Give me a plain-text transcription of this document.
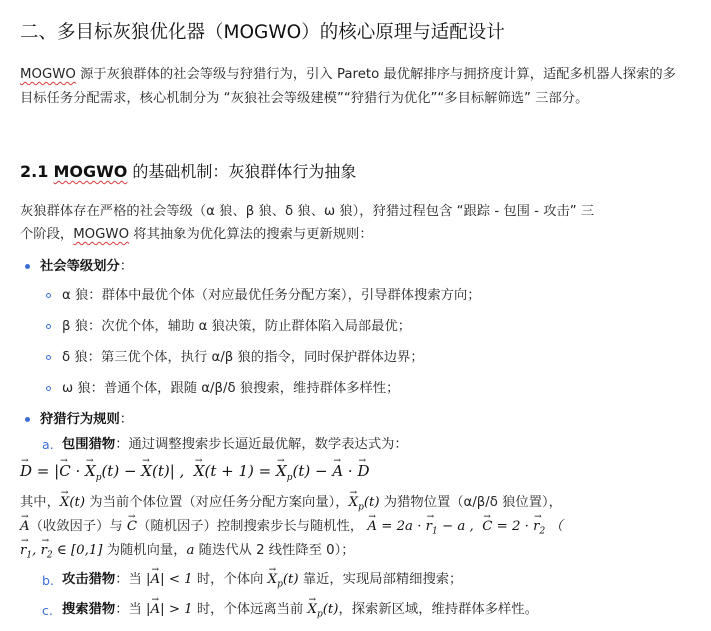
二、多目标灰狼优化器（MOGWO）的核心原理与适配设计
MOGWO 源于灰狼群体的社会等级与狩猎行为，引入 Pareto 最优解排序与拥挤度计算，适配多机器人探索的多目标任务分配需求，核心机制分为 “灰狼社会等级建模”“狩猎行为优化”“多目标解筛选” 三部分。
2.1 MOGWO 的基础机制：灰狼群体行为抽象
灰狼群体存在严格的社会等级（α 狼、β 狼、δ 狼、ω 狼），狩猎过程包含 “跟踪 - 包围 - 攻击” 三
个阶段，MOGWO 将其抽象为优化算法的搜索与更新规则：
社会等级划分：
α 狼：群体中最优个体（对应最优任务分配方案），引导群体搜索方向；
β 狼：次优个体，辅助 α 狼决策，防止群体陷入局部最优；
δ 狼：第三优个体，执行 α/β 狼的指令，同时保护群体边界；
ω 狼：普通个体，跟随 α/β/δ 狼搜索，维持群体多样性；
狩猎行为规则：
a. 包围猎物：通过调整搜索步长逼近最优解，数学表达式为：
→ D = |→ C · → $X_p(t)$ − → X(t)| ,  → X(t + 1) = → $X_p(t)$ − → A · → D
其中，→ X(t) 为当前个体位置（对应任务分配方案向量），→ $X_p(t)$ 为猎物位置（α/β/δ 狼位置），
→ A（收敛因子）与 → C（随机因子）控制搜索步长与随机性， → A = 2a · → $r_1 - a$ ,  → C = 2 · → $r_2$ （
→ $r_1$, → $r_2$ ∈ [0,1] 为随机向量，a 随迭代从 2 线性降至 0）；
b. 攻击猎物：当 |→ A| < 1 时，个体向 → $X_p(t)$ 靠近，实现局部精细搜索；
c. 搜索猎物：当 |→ A| > 1 时，个体远离当前 → $X_p(t)$，探索新区域，维持群体多样性。
